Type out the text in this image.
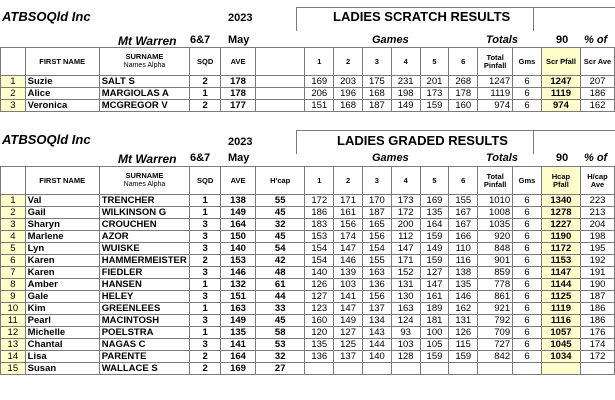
ATBSOQld Inc	2023	LADIES SCRATCH RESULTS
Mt Warren 6&7 May	Games	Totals	90 % of
	FIRST NAME	SURNAME
Names Alpha	SQD	AVE		1	2	3	4	5	6	Total Pinfall	Gms	Scr Pfall	Scr Ave
1	Suzie	SALT S	2	178		169	203	175	231	201	268	1247	6	1247	207
2	Alice	MARGIOLAS A	1	178		206	196	168	198	173	178	1119	6	1119	186
3	Veronica	MCGREGOR V	2	177		151	168	187	149	159	160	974	6	974	162
ATBSOQld Inc	2023	LADIES GRADED RESULTS
Mt Warren 6&7 May	Games	Totals	90 % of
	FIRST NAME	SURNAME
Names Alpha	SQD	AVE	H'cap	1	2	3	4	5	6	Total Pinfall	Gms	Hcap Pfall	H/cap Ave
1	Val	TRENCHER	1	138	55	172	171	170	173	169	155	1010	6	1340	223
2	Gail	WILKINSON G	1	149	45	186	161	187	172	135	167	1008	6	1278	213
3	Sharyn	CROUCHEN	3	164	32	183	156	165	200	164	167	1035	6	1227	204
4	Marlene	AZOR	3	150	45	153	174	156	112	159	166	920	6	1190	198
5	Lyn	WUISKE	3	140	54	154	147	154	147	149	110	848	6	1172	195
6	Karen	HAMMERMEISTER	2	153	42	154	146	155	171	159	116	901	6	1153	192
7	Karen	FIEDLER	3	146	48	140	139	163	152	127	138	859	6	1147	191
8	Amber	HANSEN	1	132	61	126	103	136	131	147	135	778	6	1144	190
9	Gale	HELEY	3	151	44	127	141	156	130	161	146	861	6	1125	187
10	Kim	GREENLEES	1	163	33	123	147	137	163	189	162	921	6	1119	186
11	Pearl	MACINTOSH	3	149	45	160	149	134	124	181	131	792	6	1116	186
12	Michelle	POELSTRA	1	135	58	120	127	143	93	100	126	709	6	1057	176
13	Chantal	NAGAS C	3	141	53	135	125	144	103	105	115	727	6	1045	174
14	Lisa	PARENTE	2	164	32	136	137	140	128	159	159	842	6	1034	172
15	Susan	WALLACE S	2	169	27										
